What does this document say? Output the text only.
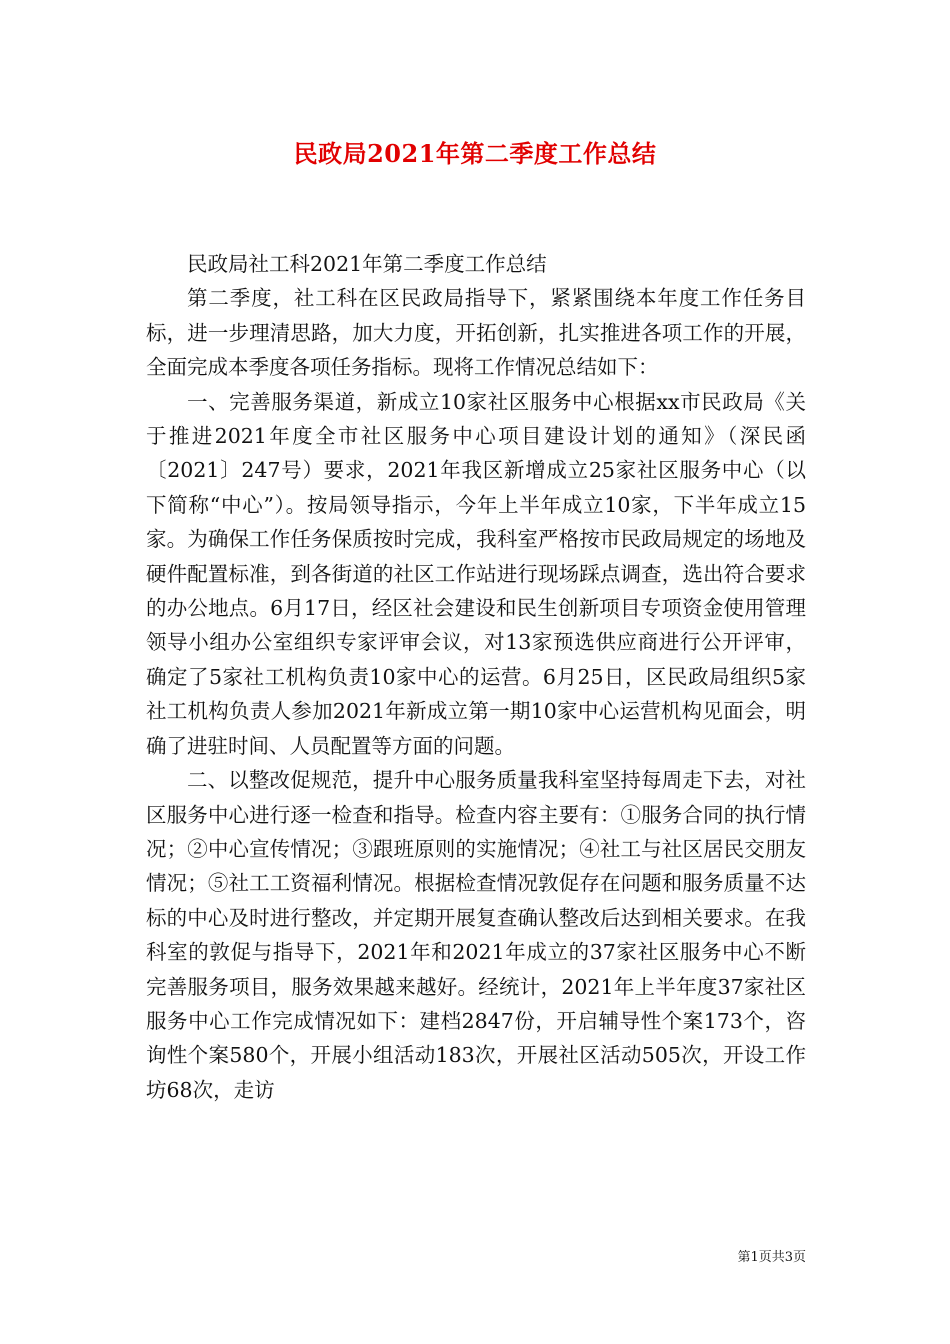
民政局2021年第二季度工作总结

民政局社工科2021年第二季度工作总结

第二季度，社工科在区民政局指导下，紧紧围绕本年度工作任务目标，进一步理清思路，加大力度，开拓创新，扎实推进各项工作的开展，全面完成本季度各项任务指标。现将工作情况总结如下：

一、完善服务渠道，新成立10家社区服务中心根据xx市民政局《关于推进2021年度全市社区服务中心项目建设计划的通知》（深民函〔2021〕247号）要求，2021年我区新增成立25家社区服务中心（以下简称“中心”）。按局领导指示，今年上半年成立10家，下半年成立15家。为确保工作任务保质按时完成，我科室严格按市民政局规定的场地及硬件配置标准，到各街道的社区工作站进行现场踩点调查，选出符合要求的办公地点。6月17日，经区社会建设和民生创新项目专项资金使用管理领导小组办公室组织专家评审会议，对13家预选供应商进行公开评审，确定了5家社工机构负责10家中心的运营。6月25日，区民政局组织5家社工机构负责人参加2021年新成立第一期10家中心运营机构见面会，明确了进驻时间、人员配置等方面的问题。

二、以整改促规范，提升中心服务质量我科室坚持每周走下去，对社区服务中心进行逐一检查和指导。检查内容主要有：①服务合同的执行情况；②中心宣传情况；③跟班原则的实施情况；④社工与社区居民交朋友情况；⑤社工工资福利情况。根据检查情况敦促存在问题和服务质量不达标的中心及时进行整改，并定期开展复查确认整改后达到相关要求。在我科室的敦促与指导下，2021年和2021年成立的37家社区服务中心不断完善服务项目，服务效果越来越好。经统计，2021年上半年度37家社区服务中心工作完成情况如下：建档2847份，开启辅导性个案173个，咨询性个案580个，开展小组活动183次，开展社区活动505次，开设工作坊68次，走访

第1页共3页
